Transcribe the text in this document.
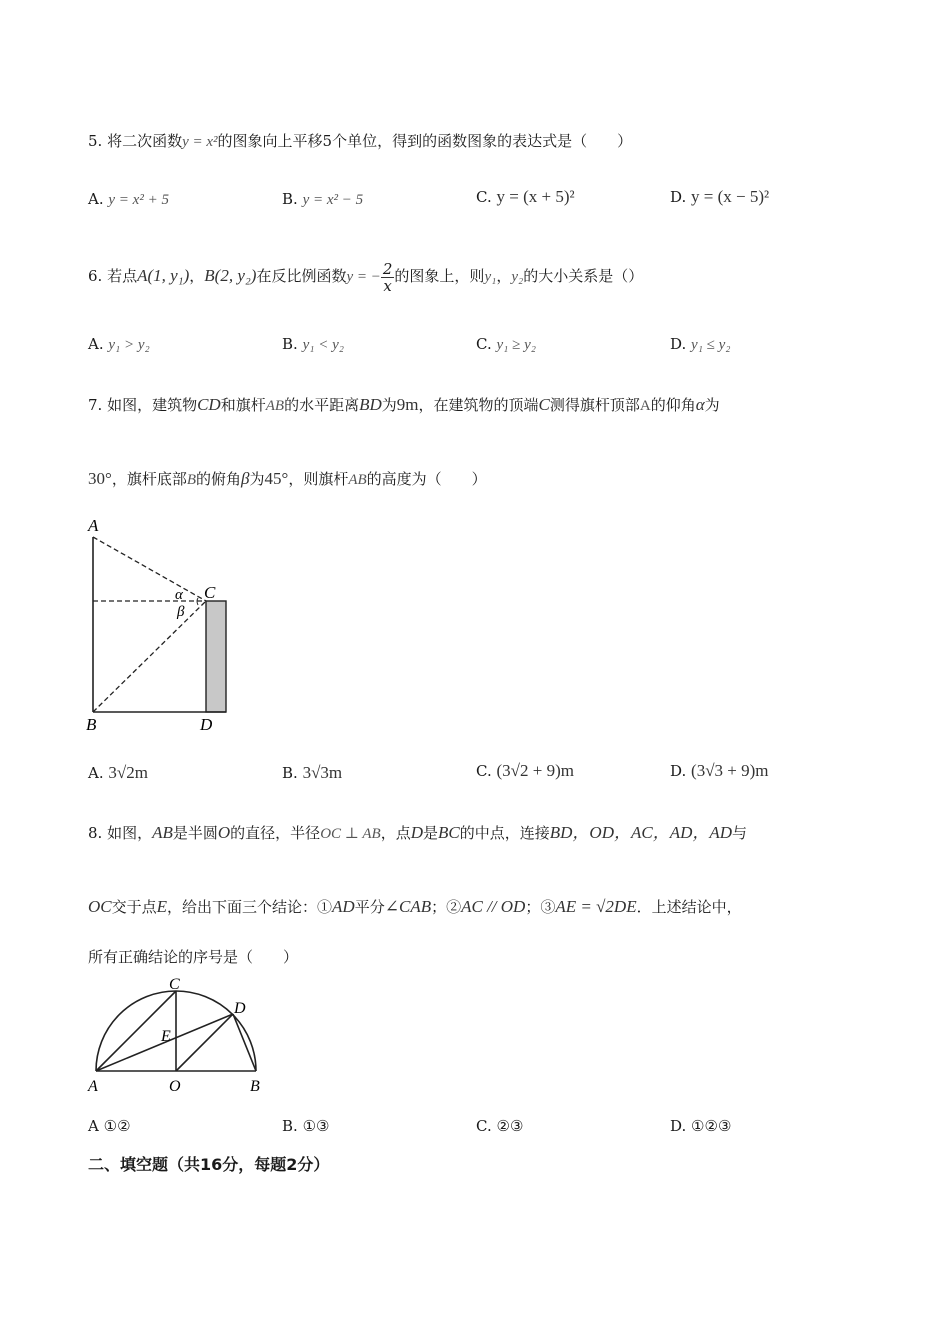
5. 将二次函数y = x²的图象向上平移5个单位，得到的函数图象的表达式是（　　）
A. y = x² + 5	B. y = x² − 5	C. y = (x + 5)²	D. y = (x − 5)²
6. 若点A(1, y₁)，B(2, y₂)在反比例函数y = − $\frac{2}{x}$ 的图象上，则y₁，y₂的大小关系是（）
A. y₁ > y₂	B. y₁ < y₂	C. y₁ ≥ y₂	D. y₁ ≤ y₂
7. 如图，建筑物CD和旗杆AB的水平距离BD为9m，在建筑物的顶端C测得旗杆顶部A的仰角α为
30°，旗杆底部B的俯角β为45°，则旗杆AB的高度为（　　）
A
B
C
D
α
β
A. 3√2m	B. 3√3m	C. (3√2 + 9)m	D. (3√3 + 9)m
8. 如图，AB是半圆O的直径，半径OC ⊥ AB，点D是BC的中点，连接BD，OD，AC，AD，AD与
OC交于点E，给出下面三个结论：①AD平分∠CAB；②AC // OD；③AE = √2DE．上述结论中，
所有正确结论的序号是（　　）
A	O	B
C
D
E
A ①②	B. ①③	C. ②③	D. ①②③
二、填空题（共16分，每题2分）
